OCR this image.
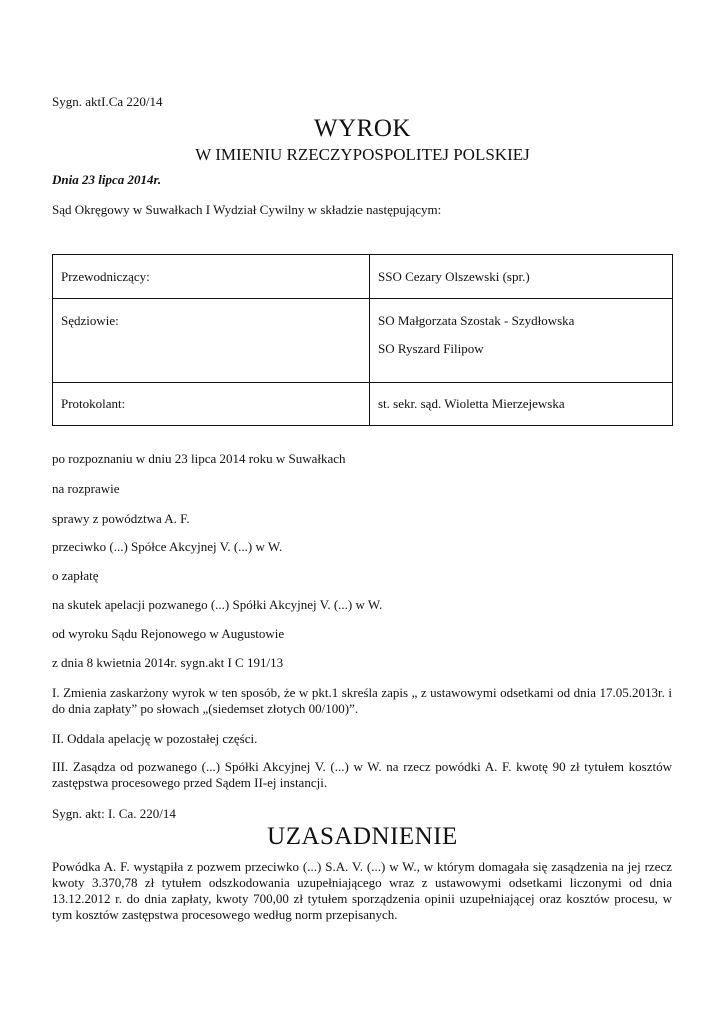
Sygn. aktI.Ca 220/14
WYROK
W IMIENIU RZECZYPOSPOLITEJ POLSKIEJ
Dnia 23 lipca 2014r.
Sąd Okręgowy w Suwałkach I Wydział Cywilny w składzie następującym:
Przewodniczący:	SSO Cezary Olszewski (spr.)
Sędziowie:	SO Małgorzata Szostak - Szydłowska
SO Ryszard Filipow

Protokolant:	st. sekr. sąd. Wioletta Mierzejewska
po rozpoznaniu w dniu 23 lipca 2014 roku w Suwałkach
na rozprawie
sprawy z powództwa A. F.
przeciwko (...) Spółce Akcyjnej V. (...) w W.
o zapłatę
na skutek apelacji pozwanego (...) Spółki Akcyjnej V. (...) w W.
od wyroku Sądu Rejonowego w Augustowie
z dnia 8 kwietnia 2014r. sygn.akt I C 191/13
I. Zmienia zaskarżony wyrok w ten sposób, że w pkt.1 skreśla zapis „ z ustawowymi odsetkami od dnia 17.05.2013r. i do dnia zapłaty” po słowach „(siedemset złotych 00/100)”.
II. Oddala apelację w pozostałej części.
III. Zasądza od pozwanego (...) Spółki Akcyjnej V. (...) w W. na rzecz powódki A. F. kwotę 90 zł tytułem kosztów zastępstwa procesowego przed Sądem II-ej instancji.
Sygn. akt: I. Ca. 220/14
UZASADNIENIE
Powódka A. F. wystąpiła z pozwem przeciwko (...) S.A. V. (...) w W., w którym domagała się zasądzenia na jej rzecz kwoty 3.370,78 zł tytułem odszkodowania uzupełniającego wraz z ustawowymi odsetkami liczonymi od dnia 13.12.2012 r. do dnia zapłaty, kwoty 700,00 zł tytułem sporządzenia opinii uzupełniającej oraz kosztów procesu, w tym kosztów zastępstwa procesowego według norm przepisanych.
